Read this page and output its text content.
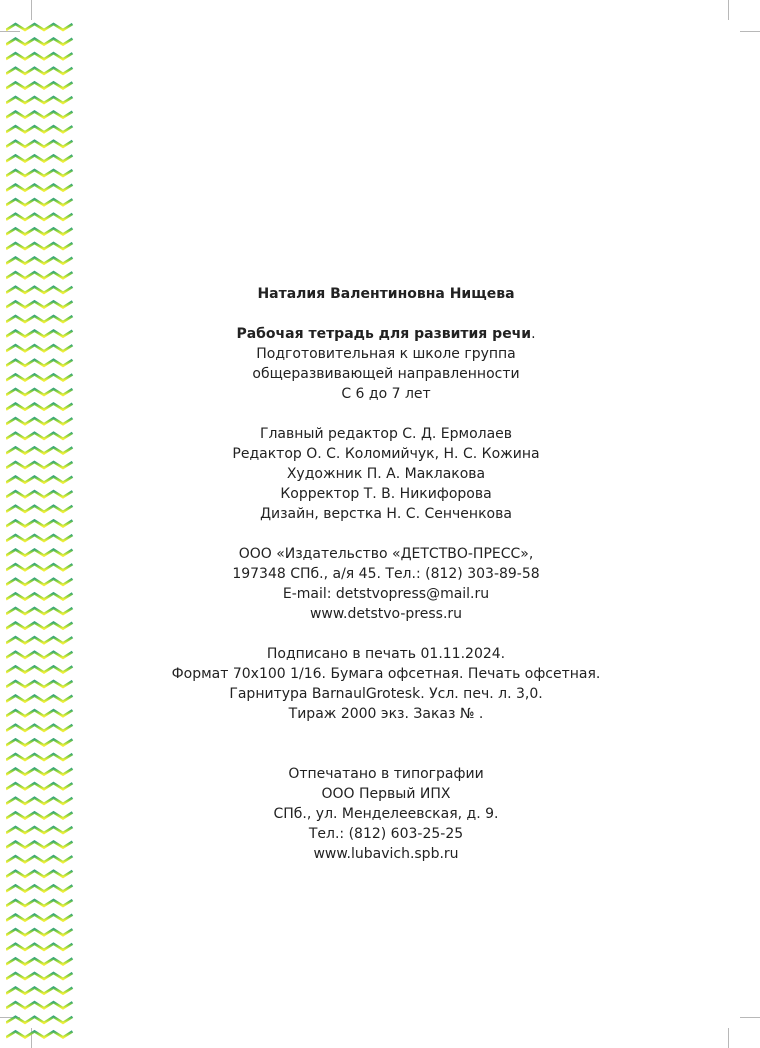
Наталия Валентиновна Нищева
Рабочая тетрадь для развития речи.
Подготовительная к школе группа
общеразвивающей направленности
С 6 до 7 лет
Главный редактор С. Д. Ермолаев
Редактор О. С. Коломийчук, Н. С. Кожина
Художник П. А. Маклакова
Корректор Т. В. Никифорова
Дизайн, верстка Н. С. Сенченкова
ООО «Издательство «ДЕТСТВО-ПРЕСС»,
197348 СПб., а/я 45. Тел.: (812) 303-89-58
E-mail: detstvopress@mail.ru
www.detstvo-press.ru
Подписано в печать 01.11.2024.
Формат 70x100 1/16. Бумага офсетная. Печать офсетная.
Гарнитура BarnaulGrotesk. Усл. печ. л. 3,0.
Тираж 2000 экз. Заказ № .
Отпечатано в типографии
ООО Первый ИПХ
СПб., ул. Менделеевская, д. 9.
Тел.: (812) 603-25-25
www.lubavich.spb.ru
